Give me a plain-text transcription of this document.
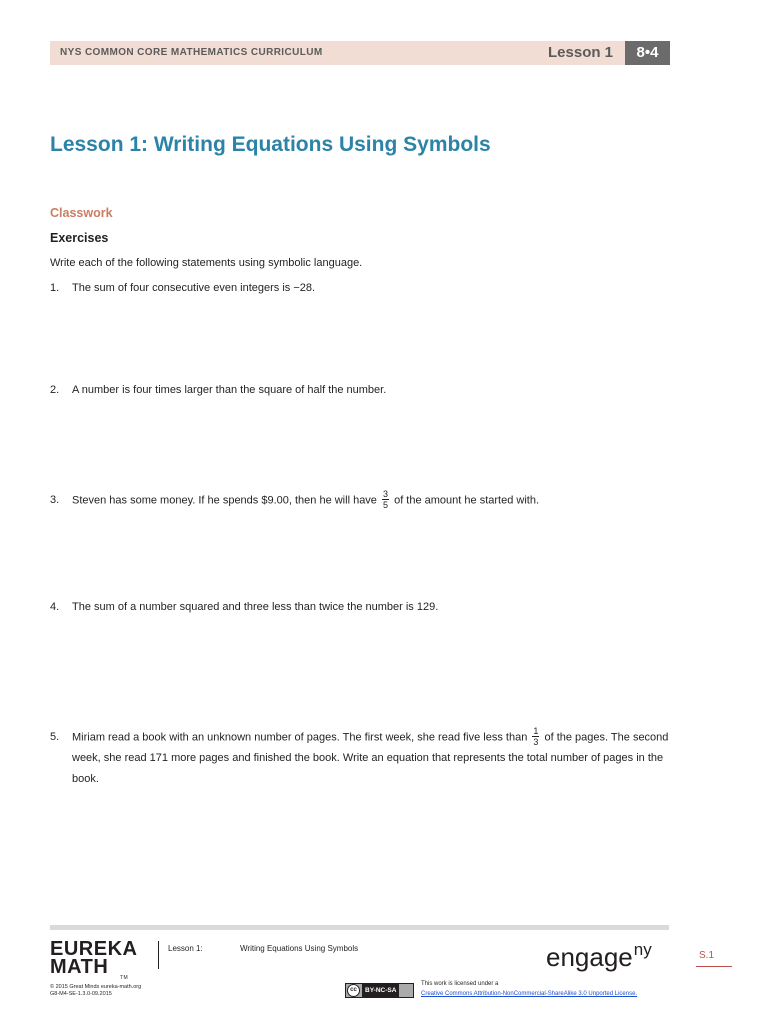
NYS COMMON CORE MATHEMATICS CURRICULUM	Lesson 1	8•4
Lesson 1: Writing Equations Using Symbols
Classwork
Exercises
Write each of the following statements using symbolic language.
1. The sum of four consecutive even integers is −28.
2. A number is four times larger than the square of half the number.
3. Steven has some money. If he spends $9.00, then he will have $\frac{3}{5}$ of the amount he started with.
4. The sum of a number squared and three less than twice the number is 129.
5. Miriam read a book with an unknown number of pages. The first week, she read five less than $\frac{1}{3}$ of the pages. The second week, she read 171 more pages and finished the book. Write an equation that represents the total number of pages in the book.
EUREKA
MATH	TM
Lesson 1:	Writing Equations Using Symbols	engage$^{ny}$	S.1
© 2015 Great Minds eureka-math.org
G8-M4-SE-1.3.0-09.2015
cc	BY-NC-SA
This work is licensed under a
Creative Commons Attribution-NonCommercial-ShareAlike 3.0 Unported License.
